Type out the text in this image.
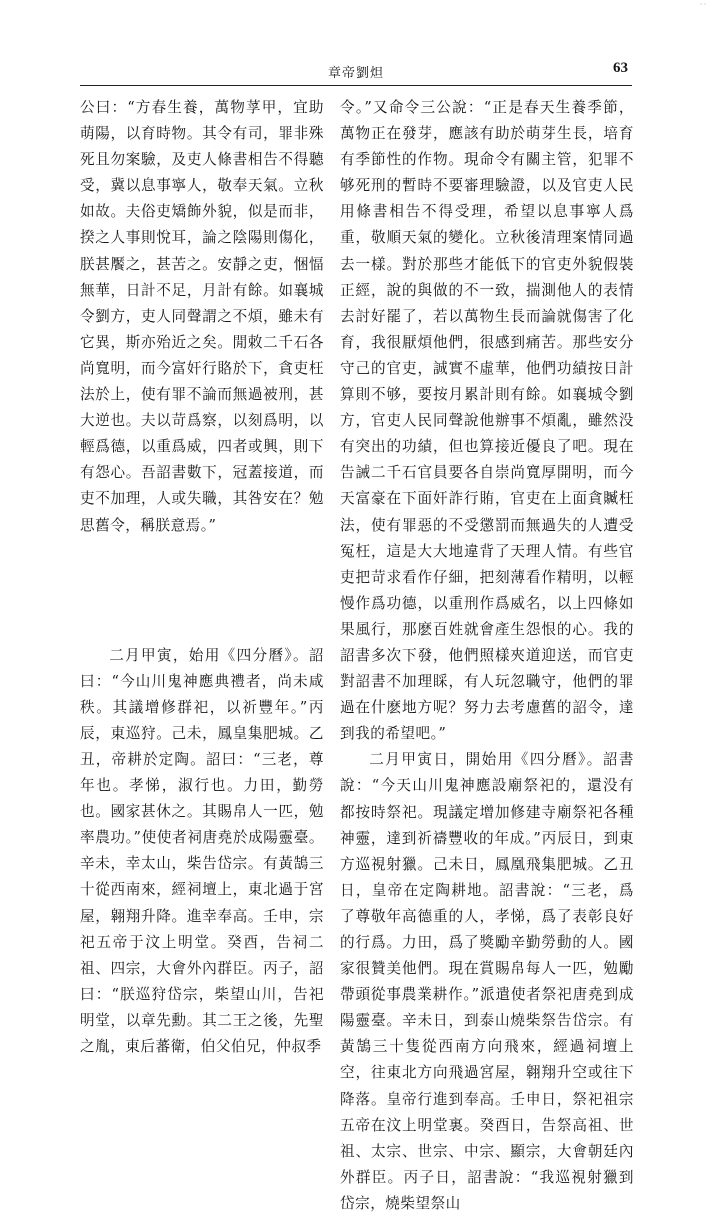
章帝劉炟	63
ﾟﾟ

公曰：“方春生養，萬物莩甲，宜助萌陽，以育時物。其令有司，罪非殊死且勿案驗，及吏人條書相告不得聽受，冀以息事寧人，敬奉天氣。立秋如故。夫俗吏矯飾外貌，似是而非，揆之人事則悅耳，論之陰陽則傷化，朕甚饜之，甚苦之。安靜之吏，悃愊無華，日計不足，月計有餘。如襄城令劉方，吏人同聲謂之不煩，雖未有它異，斯亦殆近之矣。閒敕二千石各尚寬明，而今富奸行賂於下，貪吏枉法於上，使有罪不論而無過被刑，甚大逆也。夫以苛爲察，以刻爲明，以輕爲德，以重爲威，四者或興，則下有怨心。吾詔書數下，冠蓋接道，而吏不加理，人或失職，其咎安在？勉思舊令，稱朕意焉。”

二月甲寅，始用《四分曆》。詔曰：“今山川鬼神應典禮者，尚未咸秩。其議增修群祀，以祈豐年。”丙辰，東巡狩。己未，鳳皇集肥城。乙丑，帝耕於定陶。詔曰：“三老，尊年也。孝悌，淑行也。力田，勤勞也。國家甚休之。其賜帛人一匹，勉率農功。”使使者祠唐堯於成陽靈臺。辛未，幸太山，柴告岱宗。有黃鵠三十從西南來，經祠壇上，東北過于宮屋，翱翔升降。進幸奉高。壬申，宗祀五帝于汶上明堂。癸酉，告祠二祖、四宗，大會外內群臣。丙子，詔曰：“朕巡狩岱宗，柴望山川，告祀明堂，以章先勳。其二王之後，先聖之胤，東后蕃衛，伯父伯兄，仲叔季

令。”又命令三公說：“正是春天生養季節，萬物正在發芽，應該有助於萌芽生長，培育有季節性的作物。現命令有關主管，犯罪不够死刑的暫時不要審理驗證，以及官吏人民用條書相告不得受理，希望以息事寧人爲重，敬順天氣的變化。立秋後清理案情同過去一樣。對於那些才能低下的官吏外貌假裝正經，說的與做的不一致，揣測他人的表情去討好罷了，若以萬物生長而論就傷害了化育，我很厭煩他們，很感到痛苦。那些安分守己的官吏，誠實不虛華，他們功績按日計算則不够，要按月累計則有餘。如襄城令劉方，官吏人民同聲說他辦事不煩亂，雖然没有突出的功績，但也算接近優良了吧。現在告誡二千石官員要各自崇尚寬厚開明，而今天富豪在下面奸詐行賄，官吏在上面貪贓枉法，使有罪惡的不受懲罰而無過失的人遭受冤枉，這是大大地違背了天理人情。有些官吏把苛求看作仔細，把刻薄看作精明，以輕慢作爲功德，以重刑作爲威名，以上四條如果風行，那麽百姓就會產生怨恨的心。我的詔書多次下發，他們照樣夾道迎送，而官吏對詔書不加理睬，有人玩忽職守，他們的罪過在什麽地方呢？努力去考慮舊的詔令，達到我的希望吧。”

二月甲寅日，開始用《四分曆》。詔書說：“今天山川鬼神應設廟祭祀的，還没有都按時祭祀。現議定增加修建寺廟祭祀各種神靈，達到祈禱豐收的年成。”丙辰日，到東方巡視射獵。己未日，鳳凰飛集肥城。乙丑日，皇帝在定陶耕地。詔書說：“三老，爲了尊敬年高德重的人，孝悌，爲了表彰良好的行爲。力田，爲了獎勵辛勤勞動的人。國家很贊美他們。現在賞賜帛每人一匹，勉勵帶頭從事農業耕作。”派遣使者祭祀唐堯到成陽靈臺。辛未日，到泰山燒柴祭告岱宗。有黃鵠三十隻從西南方向飛來，經過祠壇上空，往東北方向飛過宮屋，翱翔升空或往下降落。皇帝行進到奉高。壬申日，祭祀祖宗五帝在汶上明堂裏。癸酉日，告祭高祖、世祖、太宗、世宗、中宗、顯宗，大會朝廷內外群臣。丙子日，詔書說：“我巡視射獵到岱宗，燒柴望祭山
